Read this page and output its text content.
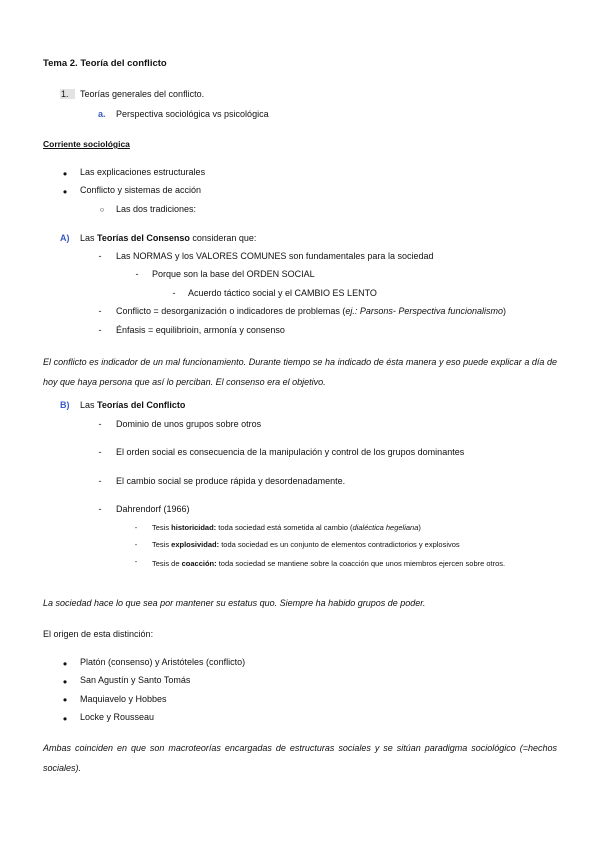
Tema 2. Teoría del conflicto
1.	Teorías generales del conflicto.
a. Perspectiva sociológica vs psicológica
Corriente sociológica
●	Las explicaciones estructurales
●	Conflicto y sistemas de acción
○	Las dos tradiciones:
A) Las Teorías del Consenso consideran que:
- Las NORMAS y los VALORES COMUNES son fundamentales para la sociedad
- Porque son la base del ORDEN SOCIAL
- Acuerdo táctico social y el CAMBIO ES LENTO
- Conflicto = desorganización o indicadores de problemas (ej.: Parsons- Perspectiva funcionalismo)
- Énfasis = equilibrioin, armonía y consenso
El conflicto es indicador de un mal funcionamiento. Durante tiempo se ha indicado de ésta manera y eso puede explicar a día de hoy que haya persona que así lo perciban. El consenso era el objetivo.
B) Las Teorías del Conflicto
- Dominio de unos grupos sobre otros
- El orden social es consecuencia de la manipulación y control de los grupos dominantes
- El cambio social se produce rápida y desordenadamente.
- Dahrendorf (1966)
-	Tesis historicidad: toda sociedad está sometida al cambio (dialéctica hegeliana)
-	Tesis explosividad: toda sociedad es un conjunto de elementos contradictorios y explosivos
-	Tesis de coacción: toda sociedad se mantiene sobre la coacción que unos miembros ejercen sobre otros.
La sociedad hace lo que sea por mantener su estatus quo. Siempre ha habido grupos de poder.
El origen de esta distinción:
●	Platón (consenso) y Aristóteles (conflicto)
●	San Agustín y Santo Tomás
●	Maquiavelo y Hobbes
●	Locke y Rousseau
Ambas coinciden en que son macroteorías encargadas de estructuras sociales y se sitúan paradigma sociológico (=hechos sociales).
